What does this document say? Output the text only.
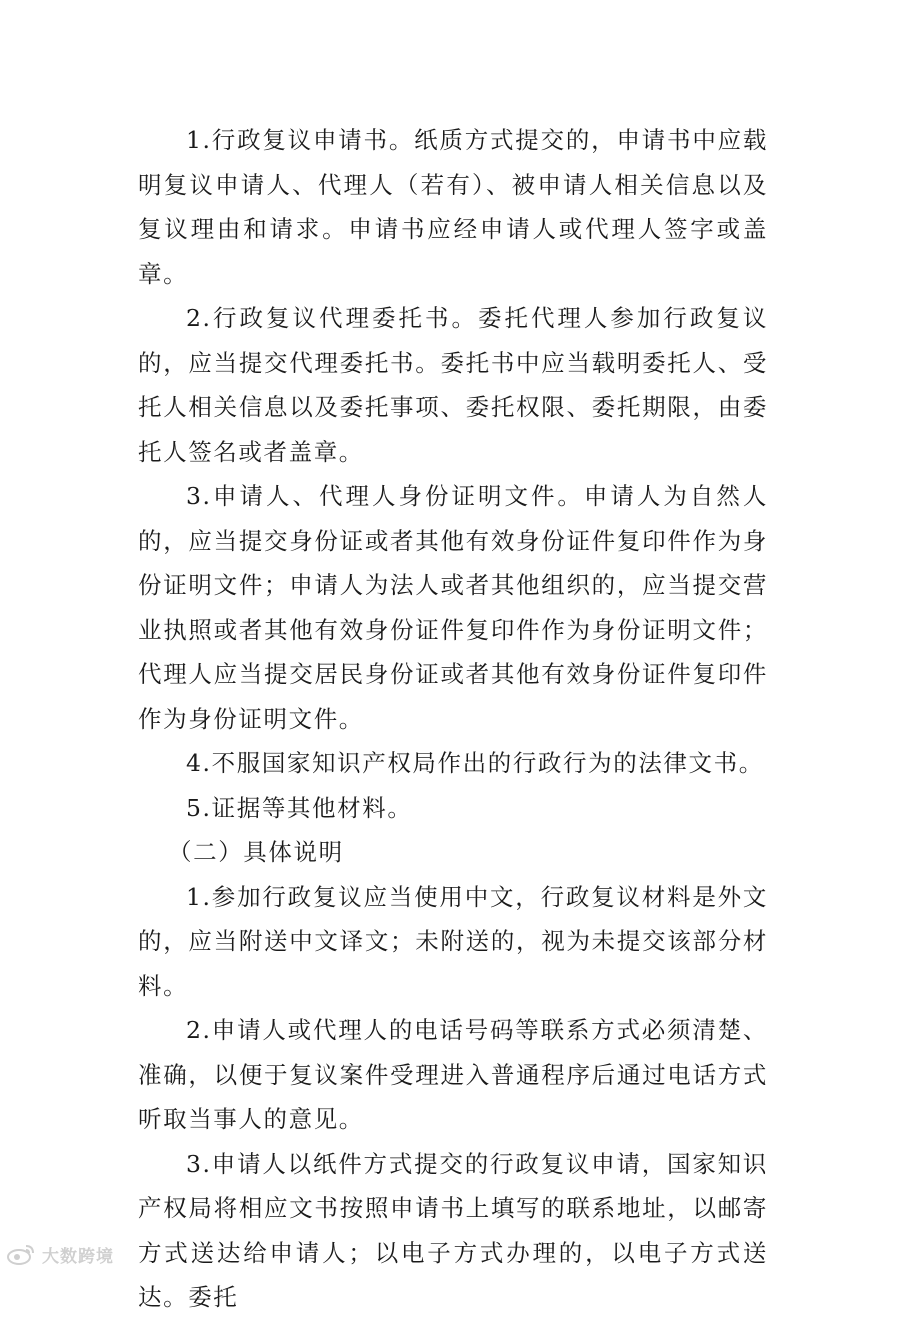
1.行政复议申请书。纸质方式提交的，申请书中应载明复议申请人、代理人（若有）、被申请人相关信息以及复议理由和请求。申请书应经申请人或代理人签字或盖章。

2.行政复议代理委托书。委托代理人参加行政复议的，应当提交代理委托书。委托书中应当载明委托人、受托人相关信息以及委托事项、委托权限、委托期限，由委托人签名或者盖章。

3.申请人、代理人身份证明文件。申请人为自然人的，应当提交身份证或者其他有效身份证件复印件作为身份证明文件；申请人为法人或者其他组织的，应当提交营业执照或者其他有效身份证件复印件作为身份证明文件；代理人应当提交居民身份证或者其他有效身份证件复印件作为身份证明文件。

4.不服国家知识产权局作出的行政行为的法律文书。

5.证据等其他材料。

（二）具体说明

1.参加行政复议应当使用中文，行政复议材料是外文的，应当附送中文译文；未附送的，视为未提交该部分材料。

2.申请人或代理人的电话号码等联系方式必须清楚、准确，以便于复议案件受理进入普通程序后通过电话方式听取当事人的意见。

3.申请人以纸件方式提交的行政复议申请，国家知识产权局将相应文书按照申请书上填写的联系地址，以邮寄方式送达给申请人；以电子方式办理的，以电子方式送达。委托

大数跨境
